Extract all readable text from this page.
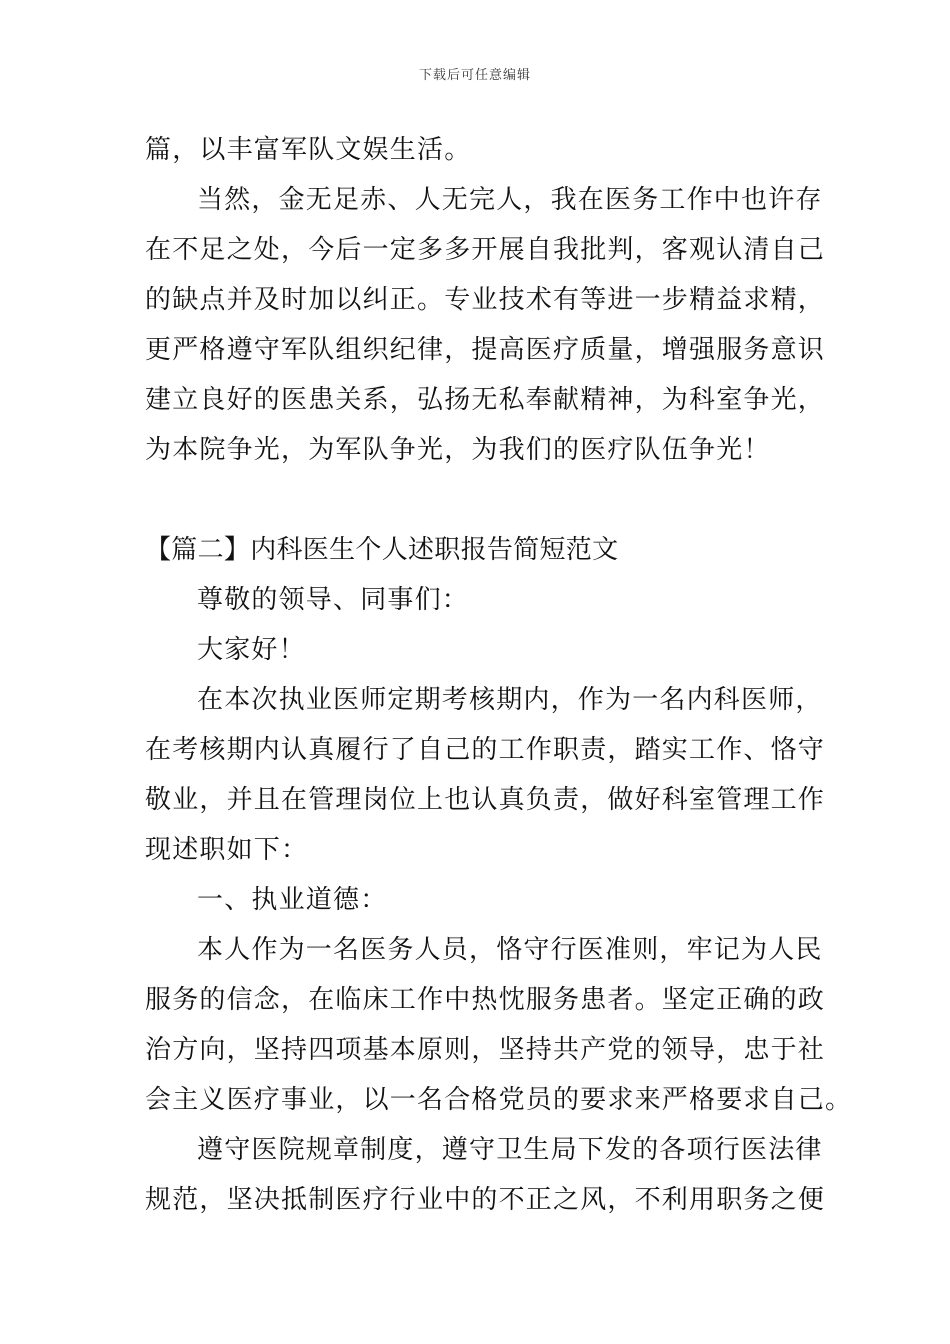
下载后可任意编辑
篇，以丰富军队文娱生活。
当然，金无足赤、人无完人，我在医务工作中也许存
在不足之处，今后一定多多开展自我批判，客观认清自己
的缺点并及时加以纠正。专业技术有等进一步精益求精，
更严格遵守军队组织纪律，提高医疗质量，增强服务意识
建立良好的医患关系，弘扬无私奉献精神，为科室争光，
为本院争光，为军队争光，为我们的医疗队伍争光！
【篇二】内科医生个人述职报告简短范文
尊敬的领导、同事们：
大家好！
在本次执业医师定期考核期内，作为一名内科医师，
在考核期内认真履行了自己的工作职责，踏实工作、恪守
敬业，并且在管理岗位上也认真负责，做好科室管理工作
现述职如下：
一、执业道德：
本人作为一名医务人员，恪守行医准则，牢记为人民
服务的信念，在临床工作中热忱服务患者。坚定正确的政
治方向，坚持四项基本原则，坚持共产党的领导，忠于社
会主义医疗事业，以一名合格党员的要求来严格要求自己。
遵守医院规章制度，遵守卫生局下发的各项行医法律
规范，坚决抵制医疗行业中的不正之风，不利用职务之便
